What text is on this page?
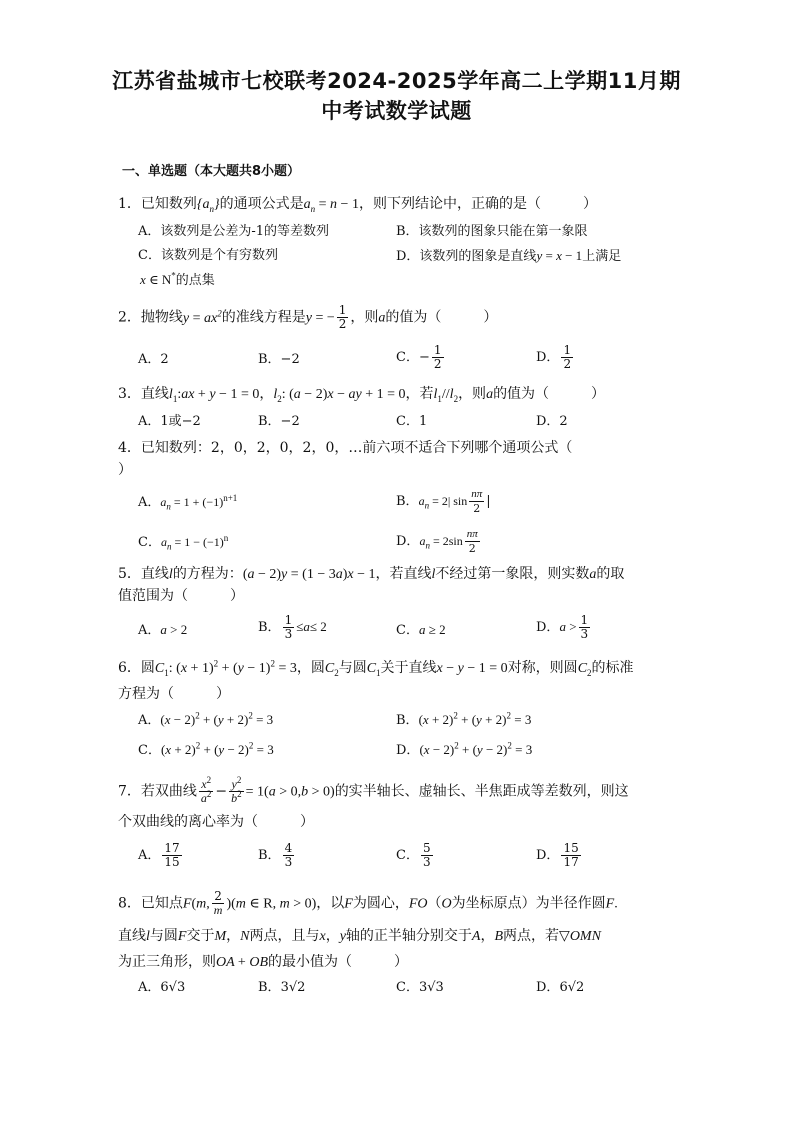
江苏省盐城市七校联考2024-2025学年高二上学期11月期
中考试数学试题
一、单选题（本大题共8小题）
1．已知数列$\{a_n\}$的通项公式是$a_n = n - 1$，则下列结论中，正确的是（　　　）
A．该数列是公差为-1的等差数列	B．该数列的图象只能在第一象限
C．该数列是个有穷数列	D．该数列的图象是直线y = x − 1上满足
x ∈ N*的点集
2．抛物线$y = ax^2$的准线方程是y = − $\frac{1}{2}$ ，则a的值为（　　　）
A．2	B．−2	C．− $\frac{1}{2}$	D． $\frac{1}{2}$
3．直线$l_1:ax + y - 1 = 0$，$l_2$: (a − 2)x − ay + 1 = 0，若$l_1//l_2$，则a的值为（　　　）
A．1或−2	B．−2	C．1	D．2
4．已知数列：2，0，2，0，2，0，…前六项不适合下列哪个通项公式（
）
A．$a_n = 1 + (-1)^{n+1}$	B．$a_n = 2|$ $\sin \frac{n\pi}{2}$ |
C．$a_n = 1 - (-1)^n$	D．$a_n = 2\sin \frac{n\pi}{2}$
5．直线l的方程为：(a − 2)y = (1 − 3a)x − 1，若直线l不经过第一象限，则实数a的取
值范围为（　　　）
A．a > 2	B． $\frac{1}{3} \le a\le 2$	C．a ≥ 2	D．$a > \frac{1}{3}$
6．圆$C_1$: $(x + 1)^2 + (y - 1)^2 = 3$，圆$C_2$与圆$C_1$关于直线x − y − 1 = 0对称，则圆$C_2$的标准
方程为（　　　）
A．$(x - 2)^2 + (y + 2)^2 = 3$	B．$(x + 2)^2 + (y + 2)^2 = 3$
C．$(x + 2)^2 + (y - 2)^2 = 3$	D．$(x - 2)^2 + (y - 2)^2 = 3$
7．若双曲线 $\frac{x^2}{a^2} - \frac{y^2}{b^2} = 1(a > 0,b > 0)$的实半轴长、虚轴长、半焦距成等差数列，则这
个双曲线的离心率为（　　　）
A． $\frac{17}{15}$	B． $\frac{4}{3}$	C． $\frac{5}{3}$	D． $\frac{15}{17}$
8．已知点F(m, $\frac{2}{m} )(m$ ∈ R, m > 0)，以F为圆心，FO（O为坐标原点）为半径作圆F.
直线l与圆F交于M，N两点，且与x，y轴的正半轴分别交于A，B两点，若▽OMN
为正三角形，则OA + OB的最小值为（　　　）
A．6√3	B．3√2	C．3√3	D．6√2
